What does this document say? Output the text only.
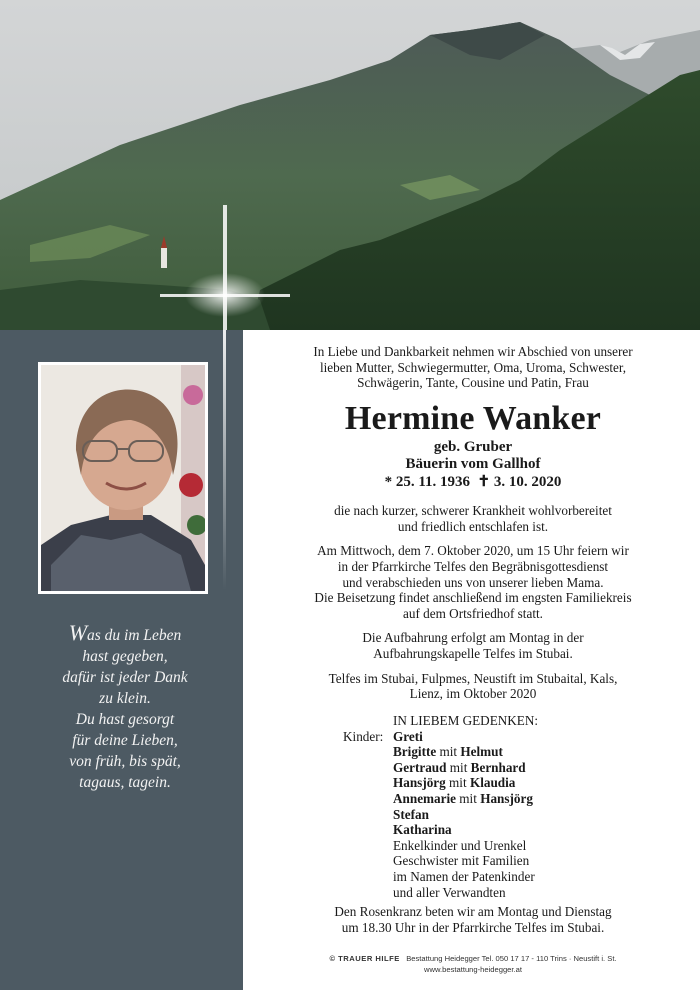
Was du im Leben
hast gegeben,
dafür ist jeder Dank
zu klein.
Du hast gesorgt
für deine Lieben,
von früh, bis spät,
tagaus, tagein.
In Liebe und Dankbarkeit nehmen wir Abschied von unserer
lieben Mutter, Schwiegermutter, Oma, Uroma, Schwester,
Schwägerin, Tante, Cousine und Patin, Frau
Hermine Wanker
geb. Gruber
Bäuerin vom Gallhof
* 25. 11. 1936  ✝ 3. 10. 2020
die nach kurzer, schwerer Krankheit wohlvorbereitet
und friedlich entschlafen ist.
Am Mittwoch, dem 7. Oktober 2020, um 15 Uhr feiern wir
in der Pfarrkirche Telfes den Begräbnisgottesdienst
und verabschieden uns von unserer lieben Mama.
Die Beisetzung findet anschließend im engsten Familiekreis
auf dem Ortsfriedhof statt.
Die Aufbahrung erfolgt am Montag in der
Aufbahrungskapelle Telfes im Stubai.
Telfes im Stubai, Fulpmes, Neustift im Stubaital, Kals,
Lienz, im Oktober 2020
IN LIEBEM GEDENKEN:
Kinder: Greti
Brigitte mit Helmut
Gertraud mit Bernhard
Hansjörg mit Klaudia
Annemarie mit Hansjörg
Stefan
Katharina
Enkelkinder und Urenkel
Geschwister mit Familien
im Namen der Patenkinder
und aller Verwandten
Den Rosenkranz beten wir am Montag und Dienstag
um 18.30 Uhr in der Pfarrkirche Telfes im Stubai.
© TRAUER HILFE Bestattung Heidegger Tel. 050 17 17 - 110 Trins · Neustift i. St.
www.bestattung-heidegger.at
